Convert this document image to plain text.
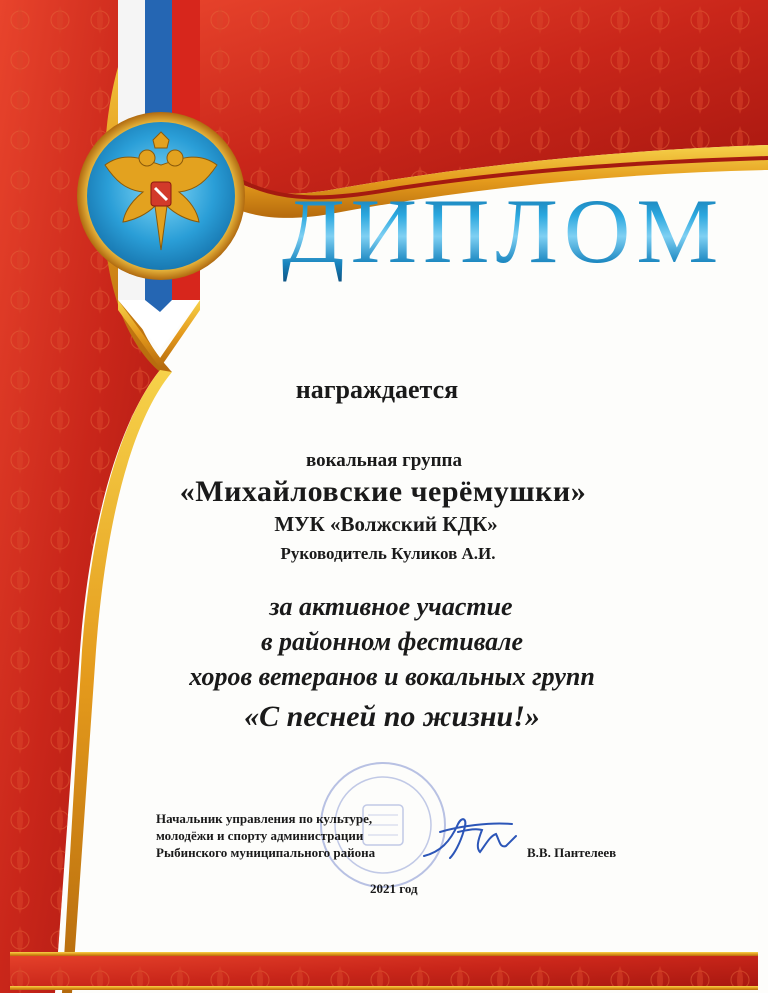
ДИПЛОМ
награждается
вокальная группа
«Михайловские черёмушки»
МУК «Волжский КДК»
Руководитель Куликов А.И.
за активное участие
в районном фестивале
хоров ветеранов и вокальных групп
«С песней по жизни!»
Начальник управления по культуре,
молодёжи и спорту администрации
Рыбинского муниципального района	В.В. Пантелеев
2021 год
